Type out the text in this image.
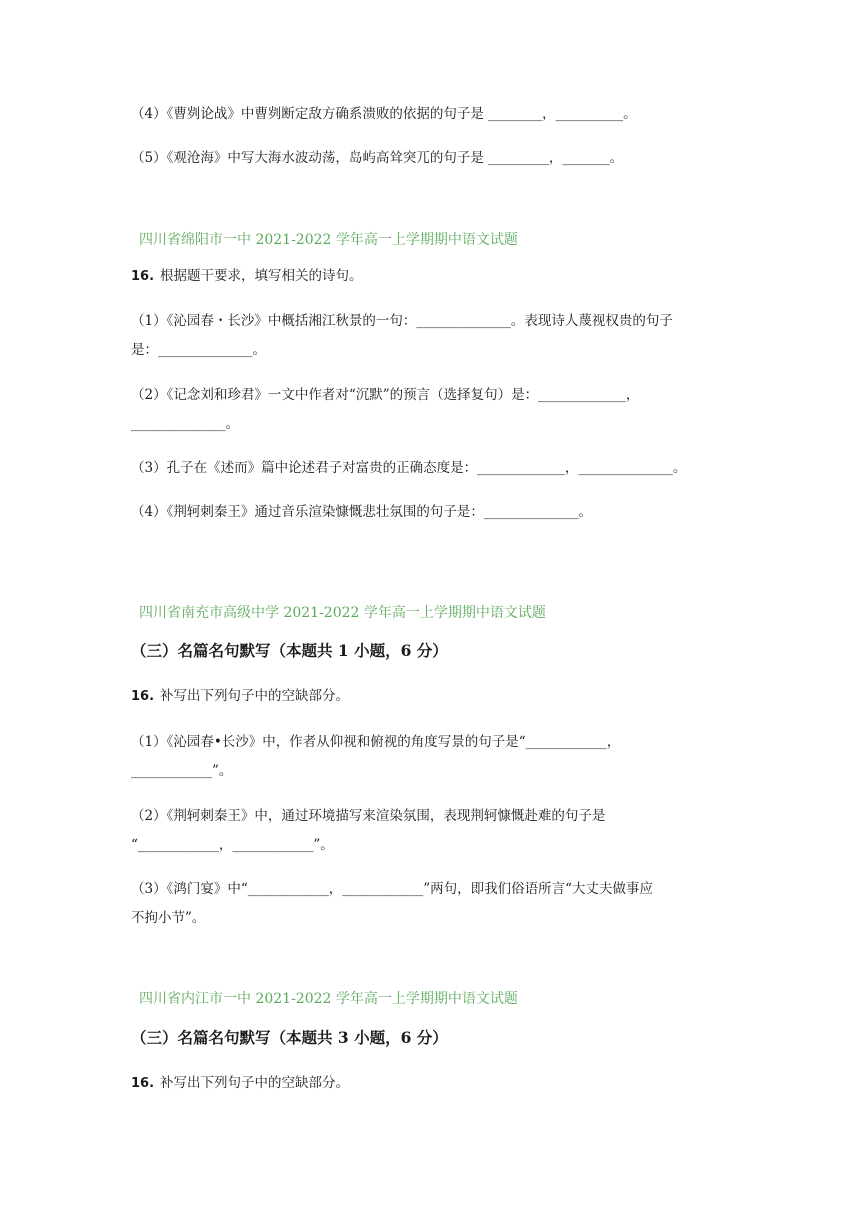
（4）《曹刿论战》中曹刿断定敌方确系溃败的依据的句子是 ________，__________。
（5）《观沧海》中写大海水波动荡，岛屿高耸突兀的句子是 _________，_______。
四川省绵阳市一中 2021-2022 学年高一上学期期中语文试题
16. 根据题干要求，填写相关的诗句。
（1）《沁园春・长沙》中概括湘江秋景的一句：______________。表现诗人蔑视权贵的句子
是：______________。
（2）《记念刘和珍君》一文中作者对“沉默”的预言（选择复句）是：_____________，
______________。
（3）孔子在《述而》篇中论述君子对富贵的正确态度是：_____________，______________。
（4）《荆轲刺秦王》通过音乐渲染慷慨悲壮氛围的句子是：______________。
四川省南充市高级中学 2021-2022 学年高一上学期期中语文试题
（三）名篇名句默写（本题共 1 小题，6 分）
16. 补写出下列句子中的空缺部分。
（1）《沁园春•长沙》中，作者从仰视和俯视的角度写景的句子是“____________，
____________”。
（2）《荆轲刺秦王》中，通过环境描写来渲染氛围，表现荆轲慷慨赴难的句子是
“____________，____________”。
（3）《鸿门宴》中“____________，____________”两句，即我们俗语所言“大丈夫做事应
不拘小节”。
四川省内江市一中 2021-2022 学年高一上学期期中语文试题
（三）名篇名句默写（本题共 3 小题，6 分）
16. 补写出下列句子中的空缺部分。
